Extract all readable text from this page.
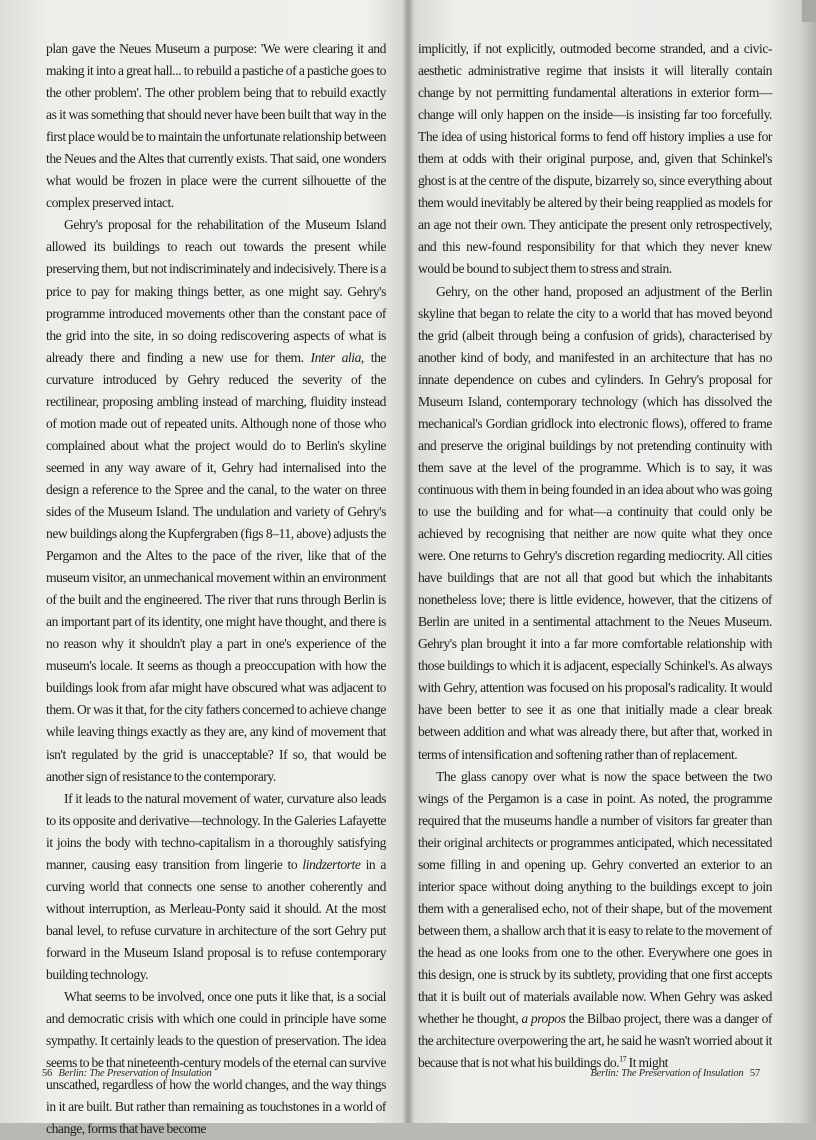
plan gave the Neues Museum a purpose: 'We were clearing it and making it into a great hall... to rebuild a pastiche of a pastiche goes to the other problem'. The other problem being that to rebuild exactly as it was something that should never have been built that way in the first place would be to maintain the unfortunate relationship between the Neues and the Altes that currently exists. That said, one wonders what would be frozen in place were the current silhouette of the complex preserved intact.

Gehry's proposal for the rehabilitation of the Museum Island allowed its buildings to reach out towards the present while preserving them, but not indiscriminately and indecisively. There is a price to pay for making things better, as one might say. Gehry's programme introduced movements other than the constant pace of the grid into the site, in so doing rediscovering aspects of what is already there and finding a new use for them. Inter alia, the curvature introduced by Gehry reduced the severity of the rectilinear, proposing ambling instead of marching, fluidity instead of motion made out of repeated units. Although none of those who complained about what the project would do to Berlin's skyline seemed in any way aware of it, Gehry had internalised into the design a reference to the Spree and the canal, to the water on three sides of the Museum Island. The undulation and variety of Gehry's new buildings along the Kupfergraben (figs 8–11, above) adjusts the Pergamon and the Altes to the pace of the river, like that of the museum visitor, an unmechanical movement within an environment of the built and the engineered. The river that runs through Berlin is an important part of its identity, one might have thought, and there is no reason why it shouldn't play a part in one's experience of the museum's locale. It seems as though a preoccupation with how the buildings look from afar might have obscured what was adjacent to them. Or was it that, for the city fathers concerned to achieve change while leaving things exactly as they are, any kind of movement that isn't regulated by the grid is unacceptable? If so, that would be another sign of resistance to the contemporary.

If it leads to the natural movement of water, curvature also leads to its opposite and derivative—technology. In the Galeries Lafayette it joins the body with techno-capitalism in a thoroughly satisfying manner, causing easy transition from lingerie to lindzertorte in a curving world that connects one sense to another coherently and without interruption, as Merleau-Ponty said it should. At the most banal level, to refuse curvature in architecture of the sort Gehry put forward in the Museum Island proposal is to refuse contemporary building technology.

What seems to be involved, once one puts it like that, is a social and democratic crisis with which one could in principle have some sympathy. It certainly leads to the question of preservation. The idea seems to be that nineteenth-century models of the eternal can survive unscathed, regardless of how the world changes, and the way things in it are built. But rather than remaining as touchstones in a world of change, forms that have become

56 Berlin: The Preservation of Insulation

implicitly, if not explicitly, outmoded become stranded, and a civic-aesthetic administrative regime that insists it will literally contain change by not permitting fundamental alterations in exterior form—change will only happen on the inside—is insisting far too forcefully. The idea of using historical forms to fend off history implies a use for them at odds with their original purpose, and, given that Schinkel's ghost is at the centre of the dispute, bizarrely so, since everything about them would inevitably be altered by their being reapplied as models for an age not their own. They anticipate the present only retrospectively, and this new-found responsibility for that which they never knew would be bound to subject them to stress and strain.

Gehry, on the other hand, proposed an adjustment of the Berlin skyline that began to relate the city to a world that has moved beyond the grid (albeit through being a confusion of grids), characterised by another kind of body, and manifested in an architecture that has no innate dependence on cubes and cylinders. In Gehry's proposal for Museum Island, contemporary technology (which has dissolved the mechanical's Gordian gridlock into electronic flows), offered to frame and preserve the original buildings by not pretending continuity with them save at the level of the programme. Which is to say, it was continuous with them in being founded in an idea about who was going to use the building and for what—a continuity that could only be achieved by recognising that neither are now quite what they once were. One returns to Gehry's discretion regarding mediocrity. All cities have buildings that are not all that good but which the inhabitants nonetheless love; there is little evidence, however, that the citizens of Berlin are united in a sentimental attachment to the Neues Museum. Gehry's plan brought it into a far more comfortable relationship with those buildings to which it is adjacent, especially Schinkel's. As always with Gehry, attention was focused on his proposal's radicality. It would have been better to see it as one that initially made a clear break between addition and what was already there, but after that, worked in terms of intensification and softening rather than of replacement.

The glass canopy over what is now the space between the two wings of the Pergamon is a case in point. As noted, the programme required that the museums handle a number of visitors far greater than their original architects or programmes anticipated, which necessitated some filling in and opening up. Gehry converted an exterior to an interior space without doing anything to the buildings except to join them with a generalised echo, not of their shape, but of the movement between them, a shallow arch that it is easy to relate to the movement of the head as one looks from one to the other. Everywhere one goes in this design, one is struck by its subtlety, providing that one first accepts that it is built out of materials available now. When Gehry was asked whether he thought, a propos the Bilbao project, there was a danger of the architecture overpowering the art, he said he wasn't worried about it because that is not what his buildings do.$^{17}$ It might

Berlin: The Preservation of Insulation 57
